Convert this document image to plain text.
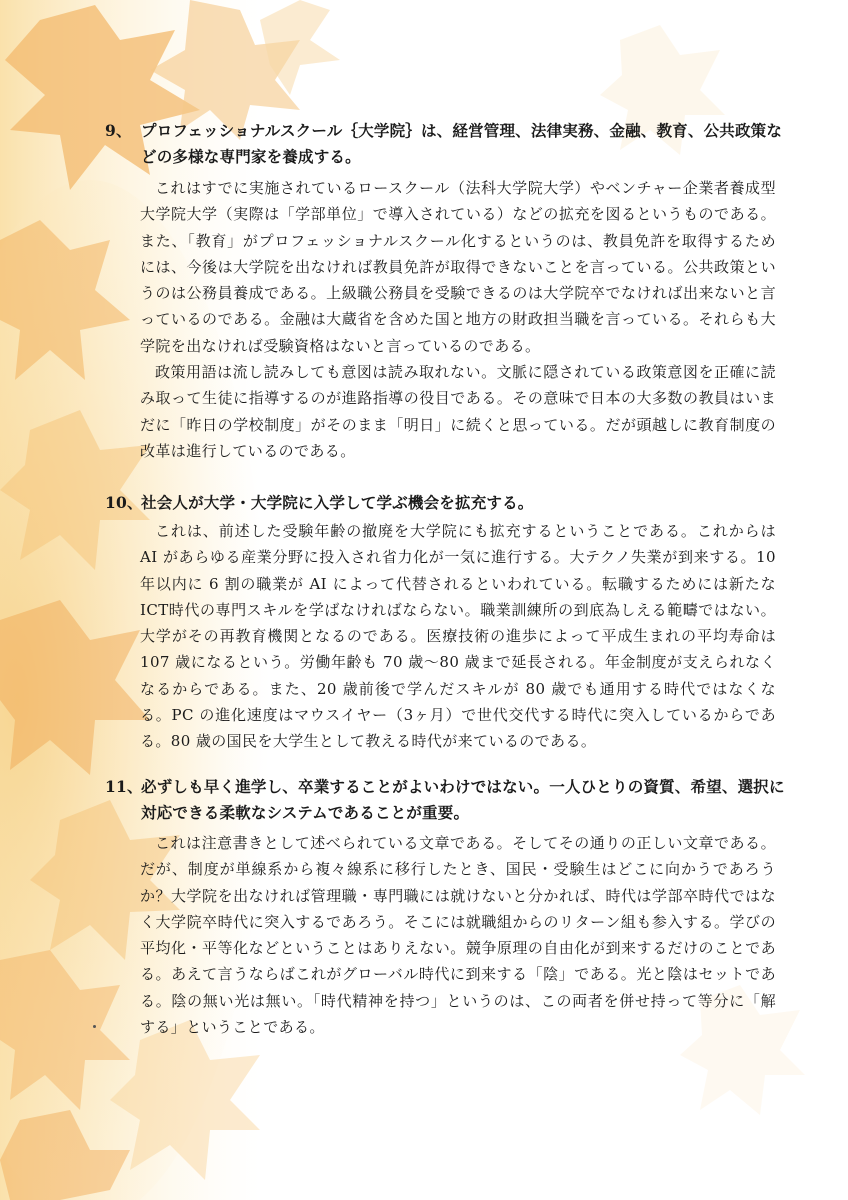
9、 プロフェッショナルスクール｛大学院｝は、経営管理、法律実務、金融、教育、公共政策などの多様な専門家を養成する。

これはすでに実施されているロースクール（法科大学院大学）やベンチャー企業者養成型大学院大学（実際は「学部単位」で導入されている）などの拡充を図るというものである。また、「教育」がプロフェッショナルスクール化するというのは、教員免許を取得するためには、今後は大学院を出なければ教員免許が取得できないことを言っている。公共政策というのは公務員養成である。上級職公務員を受験できるのは大学院卒でなければ出来ないと言っているのである。金融は大蔵省を含めた国と地方の財政担当職を言っている。それらも大学院を出なければ受験資格はないと言っているのである。

政策用語は流し読みしても意図は読み取れない。文脈に隠されている政策意図を正確に読み取って生徒に指導するのが進路指導の役目である。その意味で日本の大多数の教員はいまだに「昨日の学校制度」がそのまま「明日」に続くと思っている。だが頭越しに教育制度の改革は進行しているのである。

10、
社会人が大学・大学院に入学して学ぶ機会を拡充する。

これは、前述した受験年齢の撤廃を大学院にも拡充するということである。これからは AI があらゆる産業分野に投入され省力化が一気に進行する。大テクノ失業が到来する。10 年以内に 6 割の職業が AI によって代替されるといわれている。転職するためには新たなICT時代の専門スキルを学ばなければならない。職業訓練所の到底為しえる範疇ではない。大学がその再教育機関となるのである。医療技術の進歩によって平成生まれの平均寿命は 107 歳になるという。労働年齢も 70 歳～80 歳まで延長される。年金制度が支えられなくなるからである。また、20 歳前後で学んだスキルが 80 歳でも通用する時代ではなくなる。PC の進化速度はマウスイヤー（3ヶ月）で世代交代する時代に突入しているからである。80 歳の国民を大学生として教える時代が来ているのである。

11、
必ずしも早く進学し、卒業することがよいわけではない。一人ひとりの資質、希望、選択に対応できる柔軟なシステムであることが重要。

これは注意書きとして述べられている文章である。そしてその通りの正しい文章である。だが、制度が単線系から複々線系に移行したとき、国民・受験生はどこに向かうであろうか？大学院を出なければ管理職・専門職には就けないと分かれば、時代は学部卒時代ではなく大学院卒時代に突入するであろう。そこには就職組からのリターン組も参入する。学びの平均化・平等化などということはありえない。競争原理の自由化が到来するだけのことである。あえて言うならばこれがグローバル時代に到来する「陰」である。光と陰はセットである。陰の無い光は無い。「時代精神を持つ」というのは、この両者を併せ持って等分に「解する」ということである。
